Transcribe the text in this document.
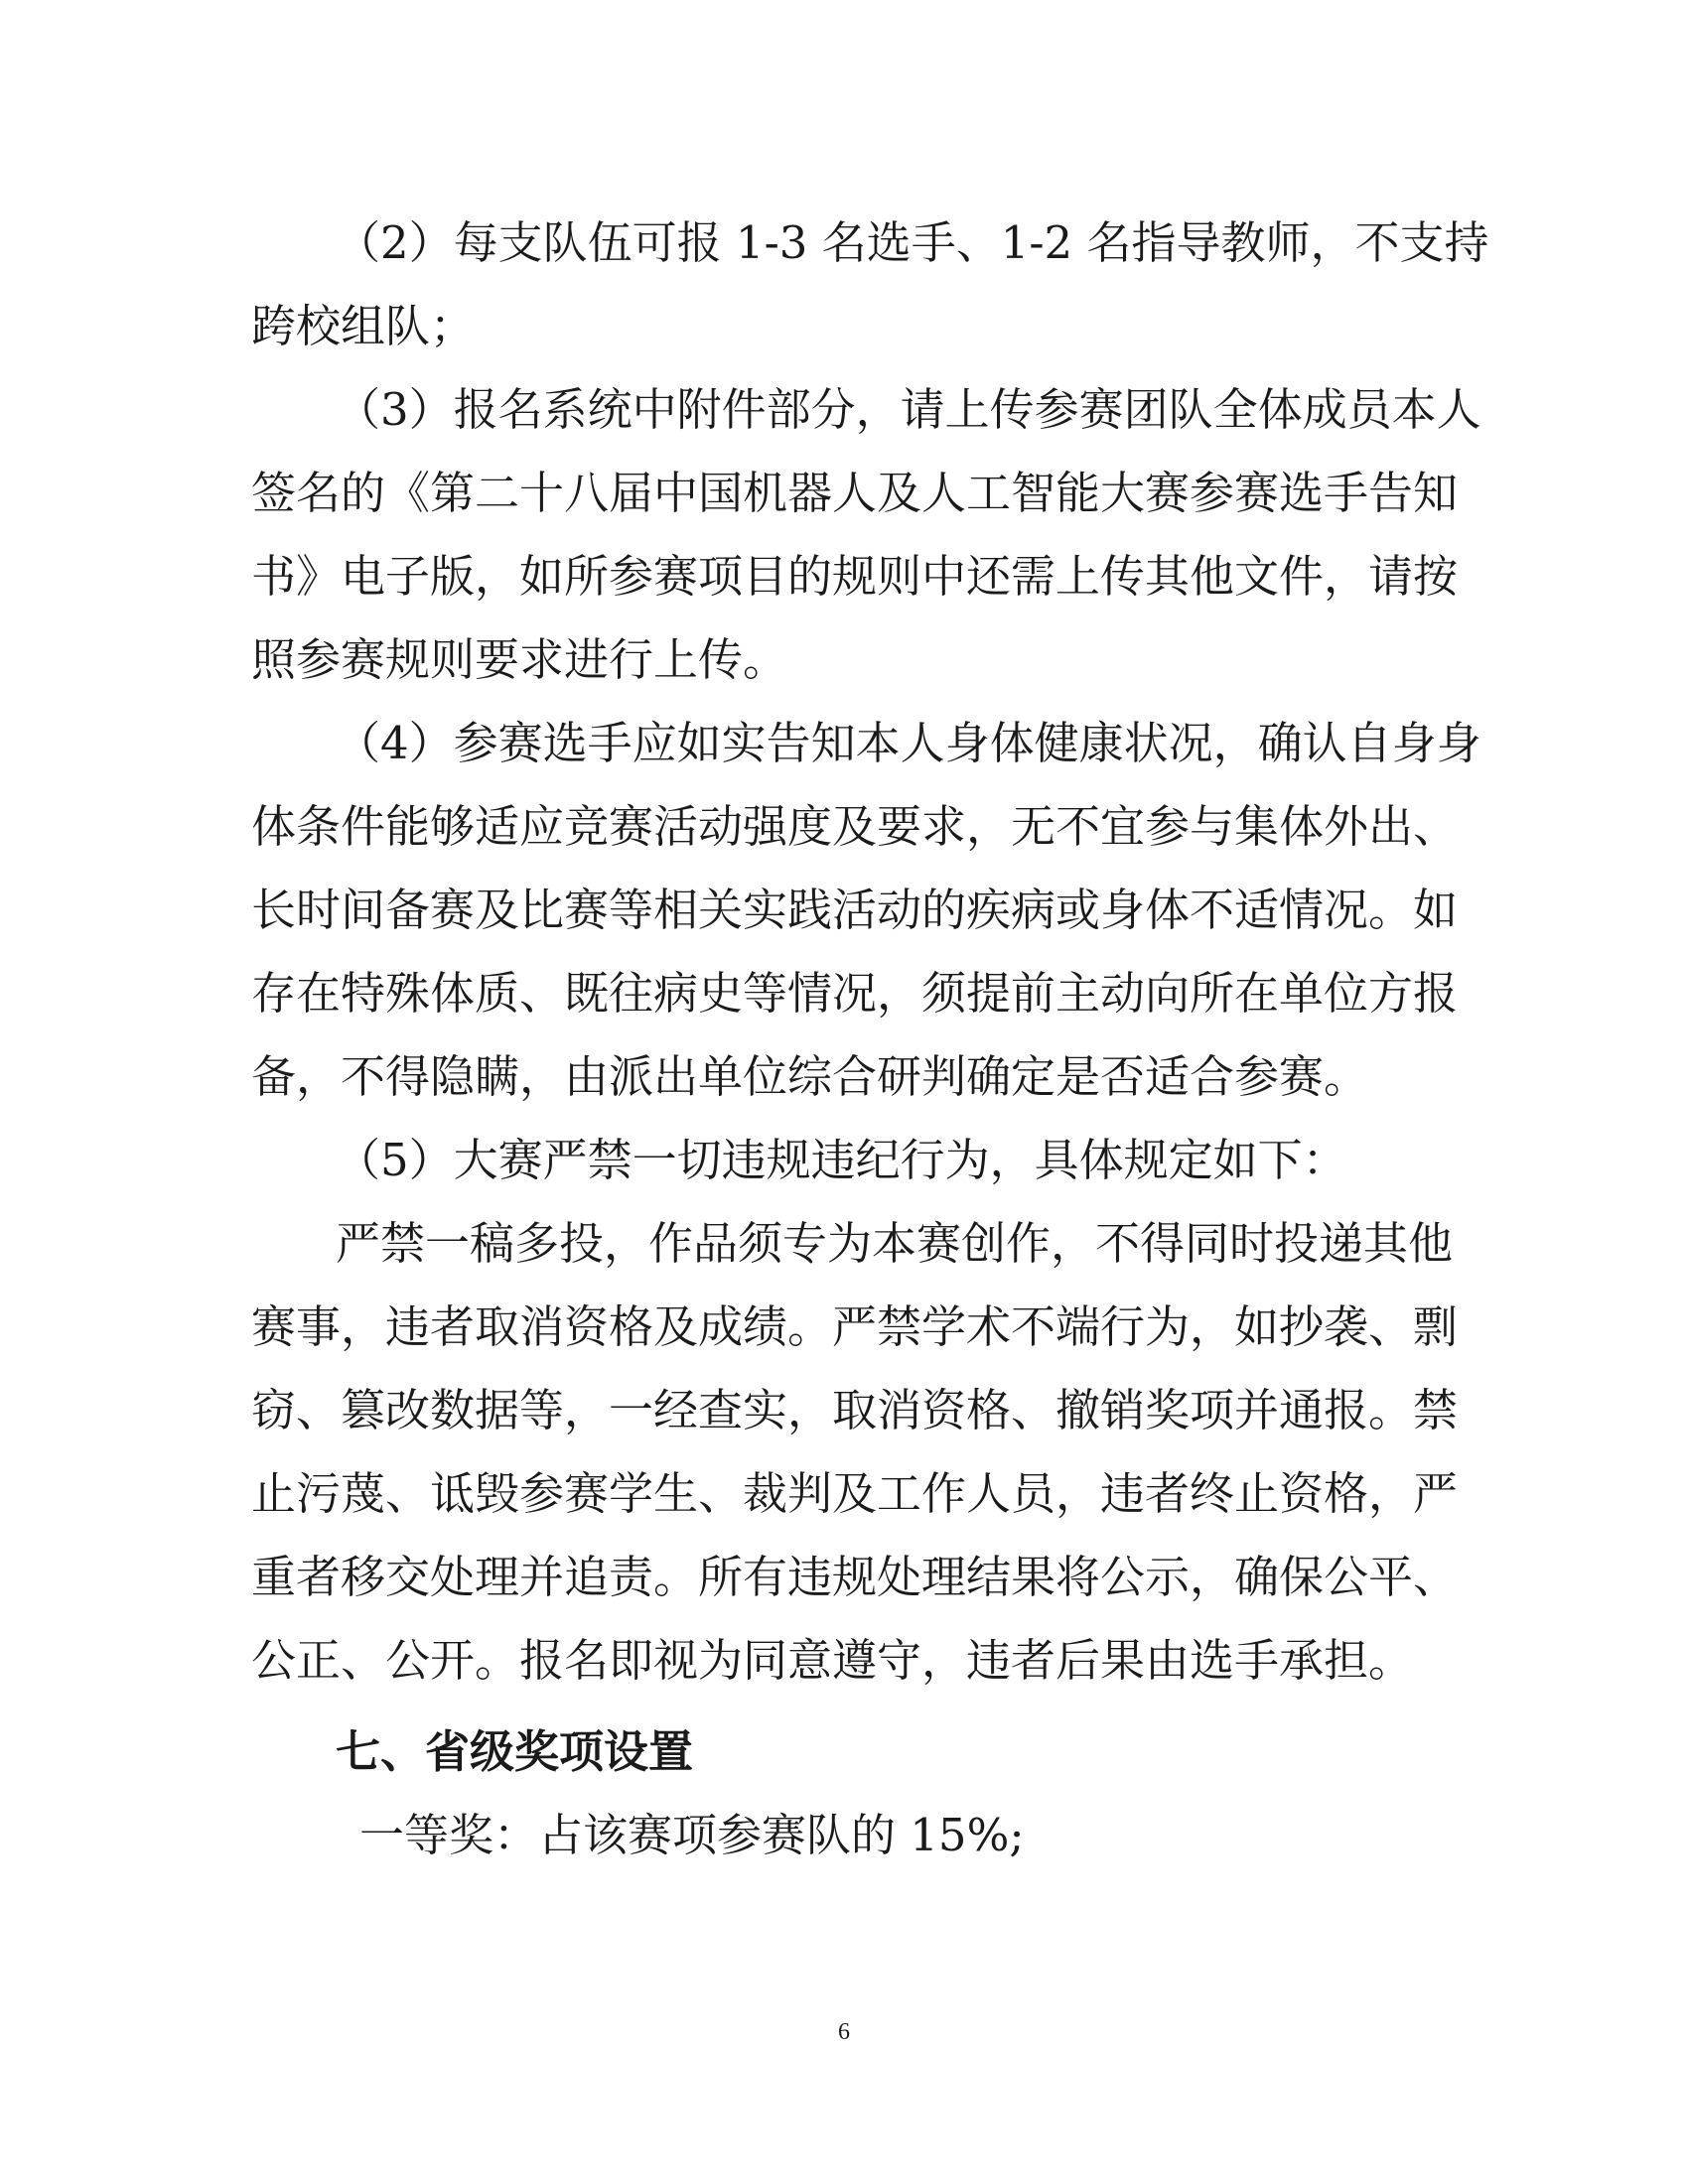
（2）每支队伍可报 1-3 名选手、1-2 名指导教师，不支持

跨校组队；

（3）报名系统中附件部分，请上传参赛团队全体成员本人

签名的《第二十八届中国机器人及人工智能大赛参赛选手告知

书》电子版，如所参赛项目的规则中还需上传其他文件，请按

照参赛规则要求进行上传。

（4）参赛选手应如实告知本人身体健康状况，确认自身身

体条件能够适应竞赛活动强度及要求，无不宜参与集体外出、

长时间备赛及比赛等相关实践活动的疾病或身体不适情况。如

存在特殊体质、既往病史等情况，须提前主动向所在单位方报

备，不得隐瞒，由派出单位综合研判确定是否适合参赛。

（5）大赛严禁一切违规违纪行为，具体规定如下：

严禁一稿多投，作品须专为本赛创作，不得同时投递其他

赛事，违者取消资格及成绩。严禁学术不端行为，如抄袭、剽

窃、篡改数据等，一经查实，取消资格、撤销奖项并通报。禁

止污蔑、诋毁参赛学生、裁判及工作人员，违者终止资格，严

重者移交处理并追责。所有违规处理结果将公示，确保公平、

公正、公开。报名即视为同意遵守，违者后果由选手承担。

七、省级奖项设置

一等奖：占该赛项参赛队的 15%;

6
